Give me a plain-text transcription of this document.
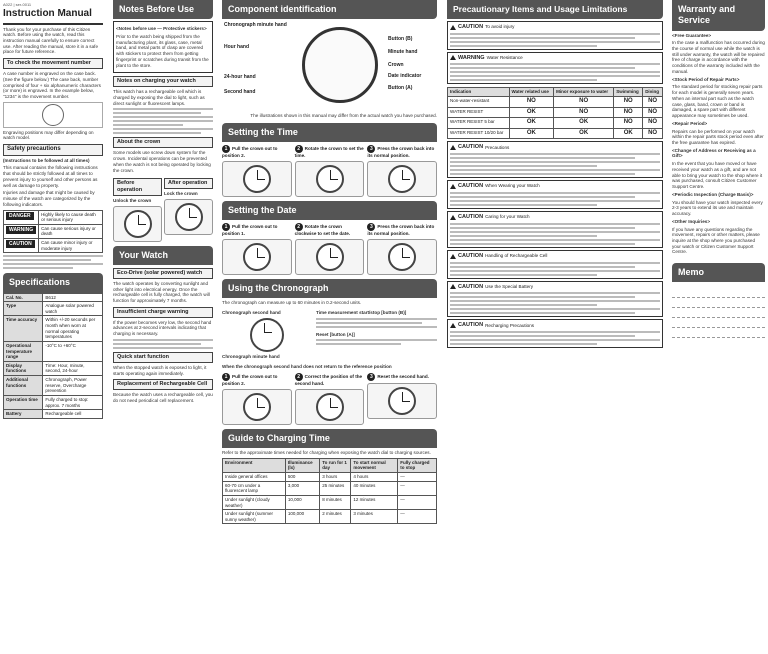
A022 | ser-0011
Instruction Manual
Thank you for your purchase of this Citizen watch. Before using the watch, read this instruction manual carefully to ensure correct use. After reading the manual, store it in a safe place for future reference.
To check the movement number
A case number is engraved on the case back. (See the figure below.) The case back, number comprised of four + six alphanumeric characters (or more) is engraved. In the example below, "1234" is the movement number.
Engraving positions may differ depending on watch model.
Safety precautions
(Instructions to be followed at all times)
This manual contains the following instructions that should be strictly followed at all times to prevent injury to yourself and other persons as well as damage to property.
Injuries and damage that might be caused by misuse of the watch are categorized by the following indicators.
DANGER	Highly likely to cause death or serious injury
WARNING	Can cause serious injury or death
CAUTION	Can cause minor injury or moderate injury
Specifications
Cal. No.	B612
Type	Analogue solar powered watch
Time accuracy	Within +/-20 seconds per month when worn at normal operating temperatures
Operational temperature range	-10°C to +60°C
Display functions	Time: Hour, minute, second, 24-hour
Additional functions	Chronograph, Power reserve, Overcharge prevention
Operation time	Fully charged to stop: approx. 7 months
Battery	Rechargeable cell
Notes Before Use
<Notes before use — Protective stickers>
Prior to the watch being shipped from the manufacturing plant, its glass, case, metal band, and metal parts of clasp are covered with stickers to protect them from getting fingerprint or scratches during transit from the plant to the store.
Notes on charging your watch
This watch has a rechargeable cell which is charged by exposing the dial to light, such as direct sunlight or fluorescent lamps.
About the crown
Some models use screw down system for the crown. Incidental operations can be prevented when the watch is not being operated by locking the crown.
Before operation
Unlock the crown
After operation
Lock the crown
Your Watch
Eco-Drive (solar powered) watch
The watch operates by converting sunlight and other light into electrical energy. Once the rechargeable cell is fully charged, the watch will function for approximately 7 months.
Insufficient charge warning
If the power becomes very low, the second hand advances at 2-second intervals indicating that charging is necessary.
Quick start function
When the stopped watch is exposed to light, it starts operating again immediately.
Replacement of Rechargeable Cell
Because the watch uses a rechargeable cell, you do not need periodical cell replacement.
Component identification
Chronograph minute hand
Hour hand
24-hour hand
Second hand
Button (B)
Minute hand
Crown
Date indicator
Button (A)
The illustrations shown in this manual may differ from the actual watch you have purchased.
Setting the Time
1 Pull the crown out to position 2.
2 Rotate the crown to set the time.
3 Press the crown back into its normal position.
Setting the Date
1 Pull the crown out to position 1.
2 Rotate the crown clockwise to set the date.
3 Press the crown back into its normal position.
Using the Chronograph
The chronograph can measure up to 60 minutes in 0.2-second units.
Chronograph second hand
Chronograph minute hand
Time measurement start/stop [button (B)]
Reset [button (A)]
When the chronograph second hand does not return to the reference position
1 Pull the crown out to position 2.
2 Correct the position of the second hand.
3 Reset the second hand.
Guide to Charging Time
Refer to the approximate times needed for charging when exposing the watch dial to charging sources.
Environment	Illuminance (lx)	To run for 1 day	To start normal movement	Fully charged to stop
Inside general offices	500	3 hours	4 hours	—
60-70 cm under a fluorescent lamp	3,000	25 minutes	40 minutes	—
Under sunlight (cloudy weather)	10,000	8 minutes	12 minutes	—
Under sunlight (summer sunny weather)	100,000	2 minutes	3 minutes	—
Precautionary Items and Usage Limitations
CAUTION To avoid injury
WARNING Water Resistance
Indication	Water related use	Minor exposure to water	Swimming	Diving
Non-water-resistant	NO	NO	NO	NO
WATER RESIST	OK	NO	NO	NO
WATER RESIST 5 bar	OK	OK	NO	NO
WATER RESIST 10/20 bar	OK	OK	OK	NO
CAUTION Precautions
CAUTION When Wearing your Watch
CAUTION Caring for your Watch
CAUTION Handling of Rechargeable Cell
CAUTION Use the Special Battery
CAUTION Recharging Precautions
Warranty and Service
<Free Guarantee>
In the case a malfunction has occurred during the course of normal use while the watch is still under warranty, the watch will be repaired free of charge in accordance with the conditions of the warranty included with the manual.
<Stock Period of Repair Parts>
The standard period for stocking repair parts for each model is generally seven years. When an internal part such as the watch case, glass, band, crown or band is damaged, a spare part with different appearance may sometimes be used.
<Repair Period>
Repairs can be performed on your watch within the repair parts stock period even after the free guarantee has expired.
<Change of Address or Receiving as a Gift>
In the event that you have moved or have received your watch as a gift, and are not able to bring your watch to the shop where it was purchased, consult Citizen Customer Support Centre.
<Periodic Inspection (Charge Basis)>
You should have your watch inspected every 2-3 years to extend its use and maintain accuracy.
<Other Inquiries>
If you have any questions regarding the movement, repairs or other matters, please inquire at the shop where you purchased your watch or Citizen Customer Support Centre.
Memo
